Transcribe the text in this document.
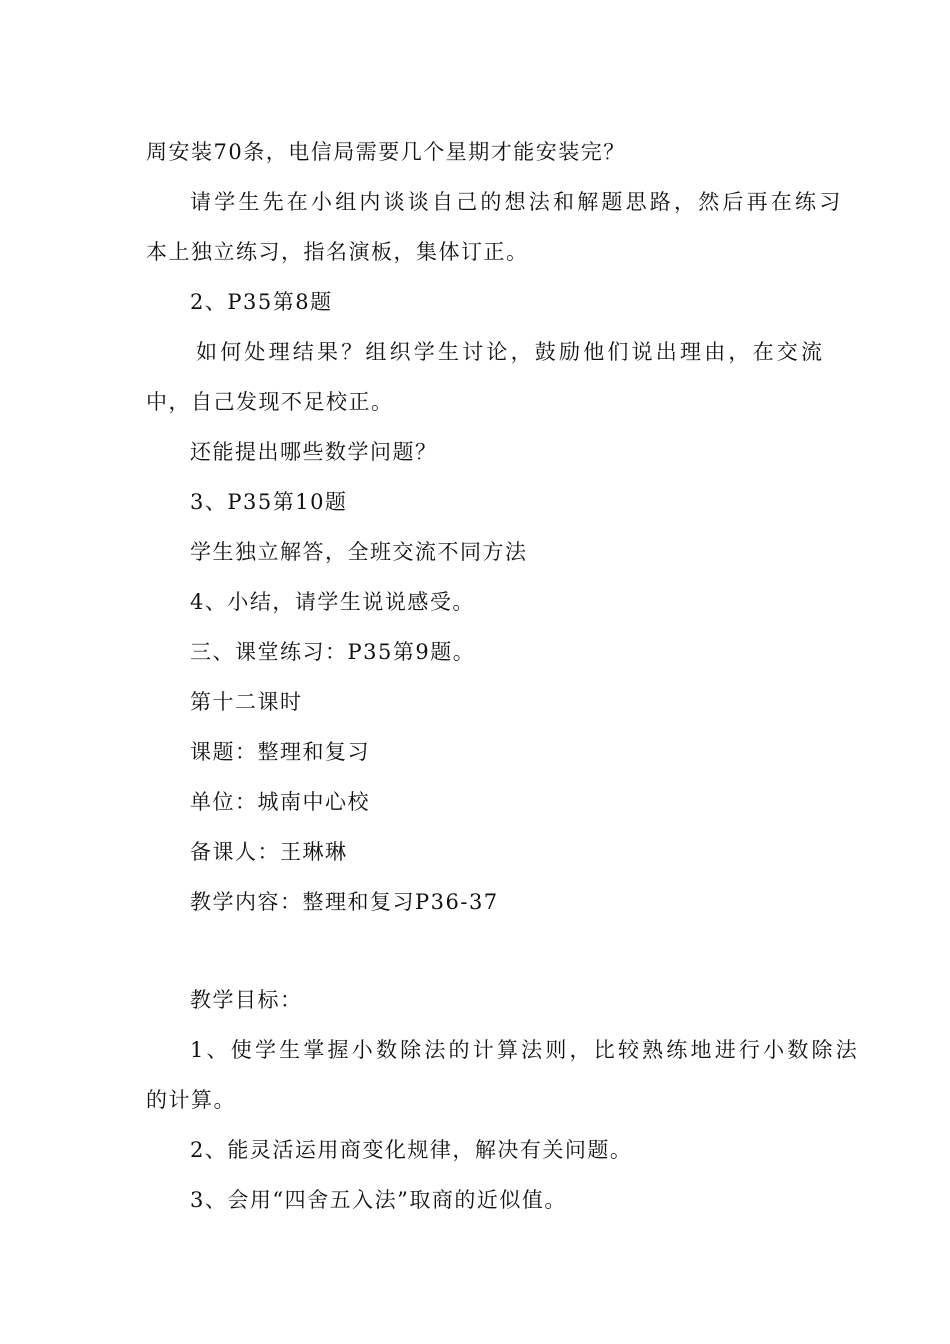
周安装70条，电信局需要几个星期才能安装完？
请学生先在小组内谈谈自己的想法和解题思路，然后再在练习
本上独立练习，指名演板，集体订正。
2、P35第8题
如何处理结果？组织学生讨论，鼓励他们说出理由，在交流
中，自己发现不足校正。
还能提出哪些数学问题？
3、P35第10题
学生独立解答，全班交流不同方法
4、小结，请学生说说感受。
三、课堂练习：P35第9题。
第十二课时
课题：整理和复习
单位：城南中心校
备课人：王琳琳
教学内容：整理和复习P36-37
教学目标：
1、使学生掌握小数除法的计算法则，比较熟练地进行小数除法
的计算。
2、能灵活运用商变化规律，解决有关问题。
3、会用“四舍五入法”取商的近似值。
